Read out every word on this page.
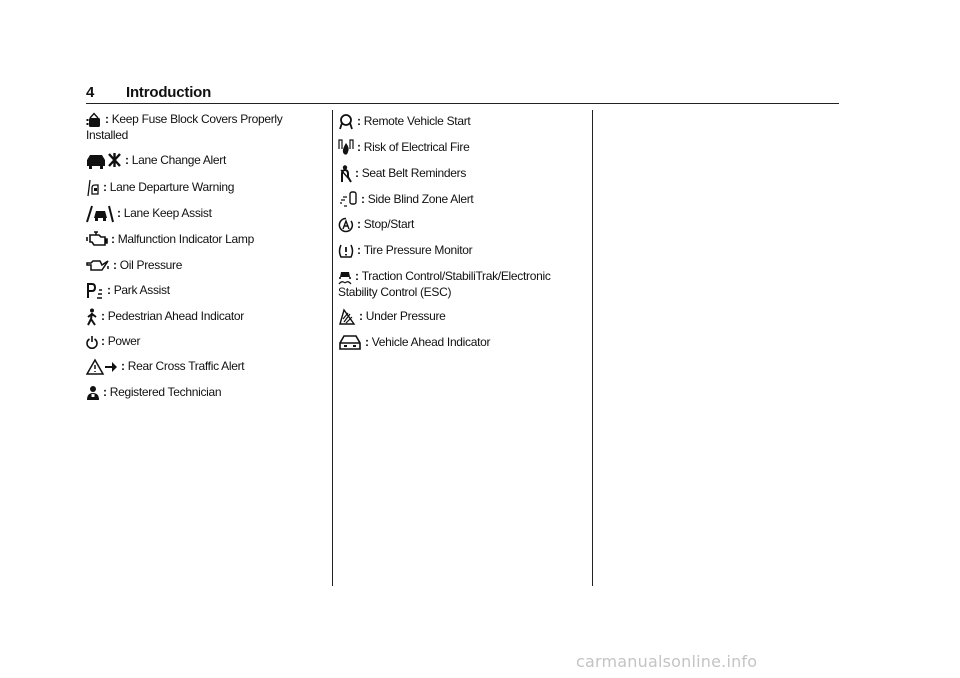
4 Introduction
: Keep Fuse Block Covers Properly Installed
: Lane Change Alert
: Lane Departure Warning
: Lane Keep Assist
: Malfunction Indicator Lamp
: Oil Pressure
: Park Assist
: Pedestrian Ahead Indicator
: Power
: Rear Cross Traffic Alert
: Registered Technician
: Remote Vehicle Start
: Risk of Electrical Fire
: Seat Belt Reminders
: Side Blind Zone Alert
: Stop/Start
: Tire Pressure Monitor
: Traction Control/StabiliTrak/Electronic Stability Control (ESC)
: Under Pressure
: Vehicle Ahead Indicator
carmanualsonline.info
